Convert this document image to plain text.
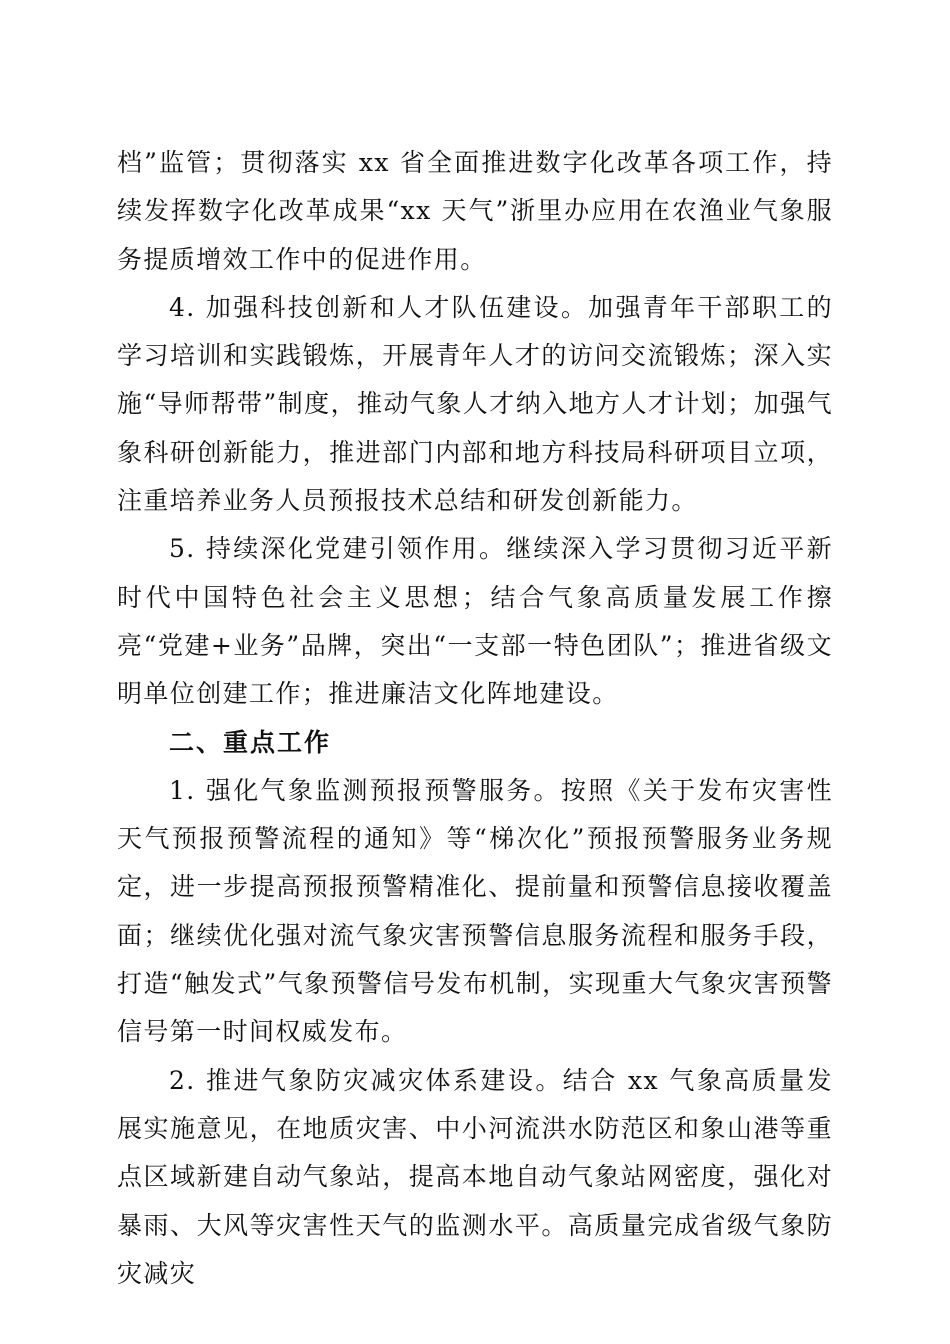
档”监管；贯彻落实 xx 省全面推进数字化改革各项工作，持续发挥数字化改革成果“xx 天气”浙里办应用在农渔业气象服务提质增效工作中的促进作用。

4. 加强科技创新和人才队伍建设。加强青年干部职工的学习培训和实践锻炼，开展青年人才的访问交流锻炼；深入实施“导师帮带”制度，推动气象人才纳入地方人才计划；加强气象科研创新能力，推进部门内部和地方科技局科研项目立项，注重培养业务人员预报技术总结和研发创新能力。

5. 持续深化党建引领作用。继续深入学习贯彻习近平新时代中国特色社会主义思想；结合气象高质量发展工作擦亮“党建+业务”品牌，突出“一支部一特色团队”；推进省级文明单位创建工作；推进廉洁文化阵地建设。

二、重点工作

1. 强化气象监测预报预警服务。按照《关于发布灾害性天气预报预警流程的通知》等“梯次化”预报预警服务业务规定，进一步提高预报预警精准化、提前量和预警信息接收覆盖面；继续优化强对流气象灾害预警信息服务流程和服务手段，打造“触发式”气象预警信号发布机制，实现重大气象灾害预警信号第一时间权威发布。

2. 推进气象防灾减灾体系建设。结合 xx 气象高质量发展实施意见，在地质灾害、中小河流洪水防范区和象山港等重点区域新建自动气象站，提高本地自动气象站网密度，强化对暴雨、大风等灾害性天气的监测水平。高质量完成省级气象防灾减灾
